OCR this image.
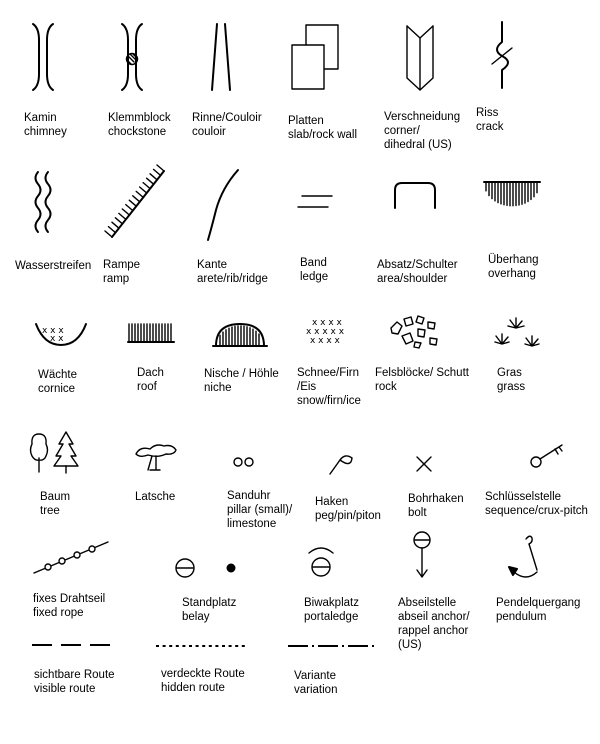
Kamin
chimney
Klemmblock
chockstone
Rinne/Couloir
couloir
Platten
slab/rock wall
Verschneidung
corner/
dihedral (US)
Riss
crack
Wasserstreifen Rampe
ramp
Kante
arete/rib/ridge
Band
ledge
Absatz/Schulter
area/shoulder
Überhang
overhang
x x x
x x
Wächte
cornice
Dach
roof
Nische / Höhle
niche
x x x x
x x x x x
x x x x
Schnee/Firn
/Eis
snow/firn/ice
Felsblöcke/ Schutt
rock
Gras
grass
Baum
tree
Latsche	Sanduhr
pillar (small)/
limestone
Haken
peg/pin/piton
Bohrhaken
bolt
Schlüsselstelle
sequence/crux-pitch
fixes Drahtseil
fixed rope
Standplatz
belay
Biwakplatz
portaledge
Abseilstelle
abseil anchor/
rappel anchor
(US)
Pendelquergang
pendulum
sichtbare Route
visible route
verdeckte Route
hidden route
Variante
variation
